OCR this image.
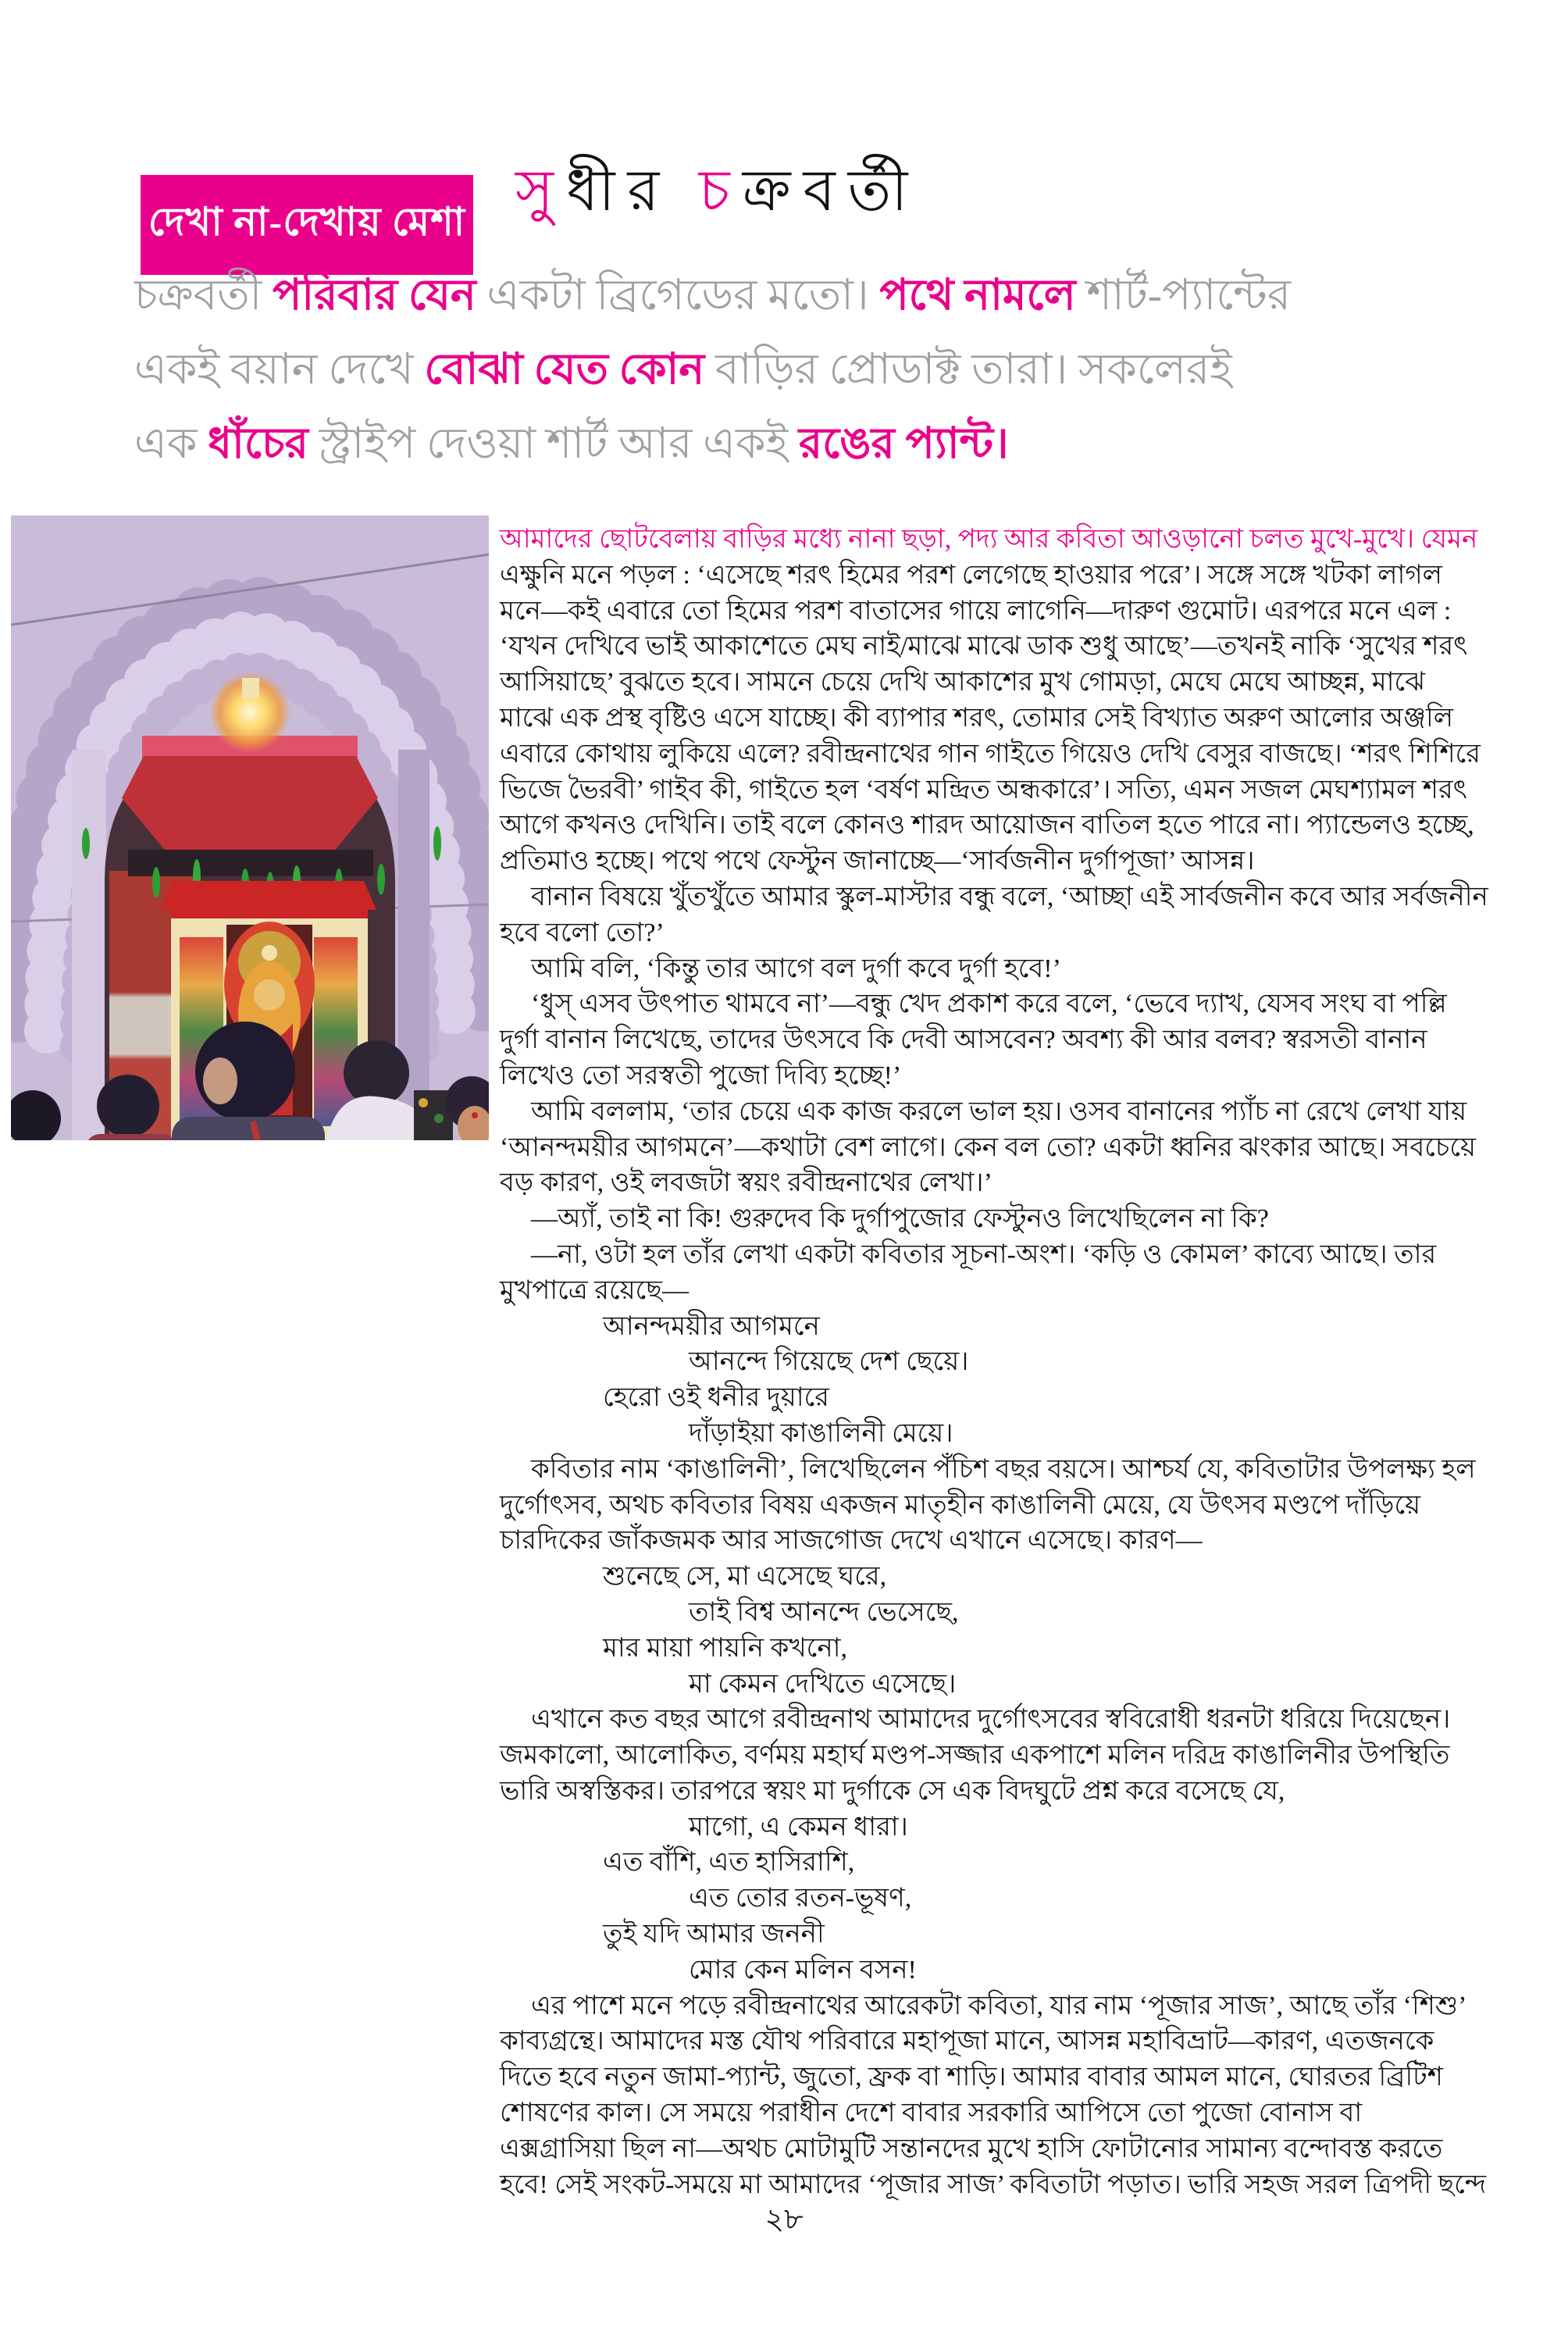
দেখা না-দেখায় মেশা সুধীর চক্রবর্তী
চক্রবর্তী পরিবার যেন একটা ব্রিগেডের মতো। পথে নামলে শার্ট-প্যান্টের
একই বয়ান দেখে বোঝা যেত কোন বাড়ির প্রোডাক্ট তারা। সকলেরই
এক ধাঁচের স্ট্রাইপ দেওয়া শার্ট আর একই রঙের প্যান্ট।
আমাদের ছোটবেলায় বাড়ির মধ্যে নানা ছড়া, পদ্য আর কবিতা আওড়ানো চলত মুখে-মুখে। যেমন
এক্ষুনি মনে পড়ল : ‘এসেছে শরৎ হিমের পরশ লেগেছে হাওয়ার পরে’। সঙ্গে সঙ্গে খটকা লাগল
মনে—কই এবারে তো হিমের পরশ বাতাসের গায়ে লাগেনি—দারুণ গুমোট। এরপরে মনে এল :
‘যখন দেখিবে ভাই আকাশেতে মেঘ নাই/মাঝে মাঝে ডাক শুধু আছে’—তখনই নাকি ‘সুখের শরৎ
আসিয়াছে’ বুঝতে হবে। সামনে চেয়ে দেখি আকাশের মুখ গোমড়া, মেঘে মেঘে আচ্ছন্ন, মাঝে
মাঝে এক প্রস্থ বৃষ্টিও এসে যাচ্ছে। কী ব্যাপার শরৎ, তোমার সেই বিখ্যাত অরুণ আলোর অঞ্জলি
এবারে কোথায় লুকিয়ে এলে? রবীন্দ্রনাথের গান গাইতে গিয়েও দেখি বেসুর বাজছে। ‘শরৎ শিশিরে
ভিজে ভৈরবী’ গাইব কী, গাইতে হল ‘বর্ষণ মন্দ্রিত অন্ধকারে’। সত্যি, এমন সজল মেঘশ্যামল শরৎ
আগে কখনও দেখিনি। তাই বলে কোনও শারদ আয়োজন বাতিল হতে পারে না। প্যান্ডেলও হচ্ছে,
প্রতিমাও হচ্ছে। পথে পথে ফেস্টুন জানাচ্ছে—‘সার্বজনীন দুর্গাপূজা’ আসন্ন।
বানান বিষয়ে খুঁতখুঁতে আমার স্কুল-মাস্টার বন্ধু বলে, ‘আচ্ছা এই সার্বজনীন কবে আর সর্বজনীন
হবে বলো তো?’
আমি বলি, ‘কিন্তু তার আগে বল দুর্গা কবে দুর্গা হবে!’
‘ধুস্ এসব উৎপাত থামবে না’—বন্ধু খেদ প্রকাশ করে বলে, ‘ভেবে দ্যাখ, যেসব সংঘ বা পল্লি
দুর্গা বানান লিখেছে, তাদের উৎসবে কি দেবী আসবেন? অবশ্য কী আর বলব? স্বরসতী বানান
লিখেও তো সরস্বতী পুজো দিব্যি হচ্ছে!’
আমি বললাম, ‘তার চেয়ে এক কাজ করলে ভাল হয়। ওসব বানানের প্যাঁচ না রেখে লেখা যায়
‘আনন্দময়ীর আগমনে’—কথাটা বেশ লাগে। কেন বল তো? একটা ধ্বনির ঝংকার আছে। সবচেয়ে
বড় কারণ, ওই লবজটা স্বয়ং রবীন্দ্রনাথের লেখা।’
—অ্যাঁ, তাই না কি! গুরুদেব কি দুর্গাপুজোর ফেস্টুনও লিখেছিলেন না কি?
—না, ওটা হল তাঁর লেখা একটা কবিতার সূচনা-অংশ। ‘কড়ি ও কোমল’ কাব্যে আছে। তার
মুখপাত্রে রয়েছে—
আনন্দময়ীর আগমনে
আনন্দে গিয়েছে দেশ ছেয়ে।
হেরো ওই ধনীর দুয়ারে
দাঁড়াইয়া কাঙালিনী মেয়ে।
কবিতার নাম ‘কাঙালিনী’, লিখেছিলেন পঁচিশ বছর বয়সে। আশ্চর্য যে, কবিতাটার উপলক্ষ্য হল
দুর্গোৎসব, অথচ কবিতার বিষয় একজন মাতৃহীন কাঙালিনী মেয়ে, যে উৎসব মণ্ডপে দাঁড়িয়ে
চারদিকের জাঁকজমক আর সাজগোজ দেখে এখানে এসেছে। কারণ—
শুনেছে সে, মা এসেছে ঘরে,
তাই বিশ্ব আনন্দে ভেসেছে,
মার মায়া পায়নি কখনো,
মা কেমন দেখিতে এসেছে।
এখানে কত বছর আগে রবীন্দ্রনাথ আমাদের দুর্গোৎসবের স্ববিরোধী ধরনটা ধরিয়ে দিয়েছেন।
জমকালো, আলোকিত, বর্ণময় মহার্ঘ মণ্ডপ-সজ্জার একপাশে মলিন দরিদ্র কাঙালিনীর উপস্থিতি
ভারি অস্বস্তিকর। তারপরে স্বয়ং মা দুর্গাকে সে এক বিদঘুটে প্রশ্ন করে বসেছে যে,
মাগো, এ কেমন ধারা।
এত বাঁশি, এত হাসিরাশি,
এত তোর রতন-ভূষণ,
তুই যদি আমার জননী
মোর কেন মলিন বসন!
এর পাশে মনে পড়ে রবীন্দ্রনাথের আরেকটা কবিতা, যার নাম ‘পূজার সাজ’, আছে তাঁর ‘শিশু’
কাব্যগ্রন্থে। আমাদের মস্ত যৌথ পরিবারে মহাপূজা মানে, আসন্ন মহাবিভ্রাট—কারণ, এতজনকে
দিতে হবে নতুন জামা-প্যান্ট, জুতো, ফ্রক বা শাড়ি। আমার বাবার আমল মানে, ঘোরতর ব্রিটিশ
শোষণের কাল। সে সময়ে পরাধীন দেশে বাবার সরকারি আপিসে তো পুজো বোনাস বা
এক্সগ্রাসিয়া ছিল না—অথচ মোটামুটি সন্তানদের মুখে হাসি ফোটানোর সামান্য বন্দোবস্ত করতে
হবে! সেই সংকট-সময়ে মা আমাদের ‘পূজার সাজ’ কবিতাটা পড়াত। ভারি সহজ সরল ত্রিপদী ছন্দে
২৮
